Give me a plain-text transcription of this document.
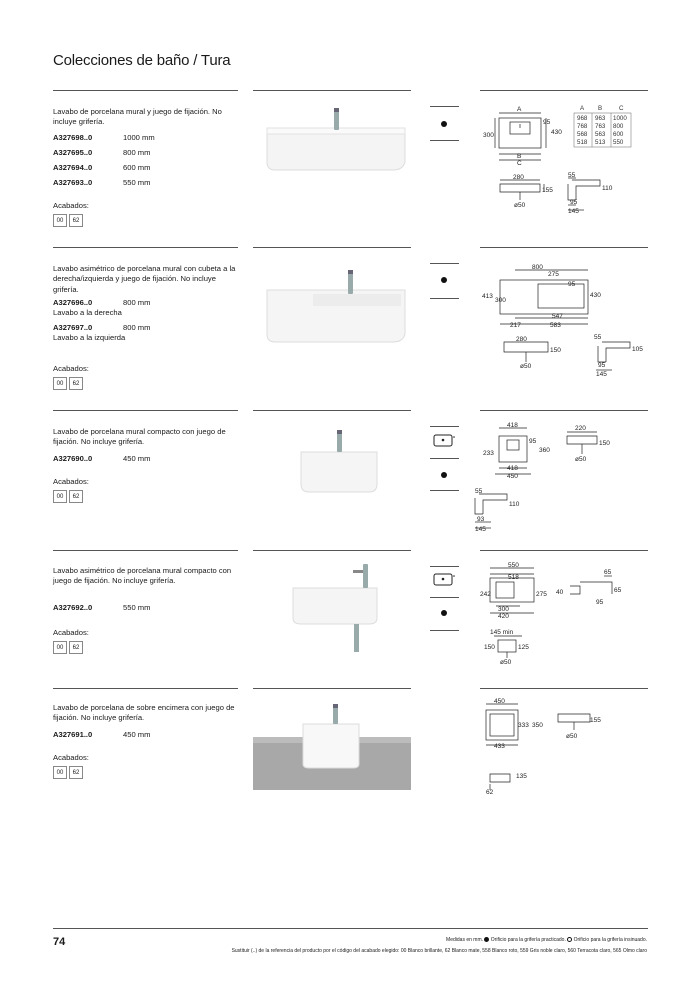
Colecciones de baño / Tura
Lavabo de porcelana mural y juego de fijación. No incluye grifería.
A327698..0	1000 mm
A327695..0	800 mm
A327694..0	600 mm
A327693..0	550 mm
Acabados:
00	62
A
95
430
300
B
C
280
155
ø50
55
110
95
145
A B	C
968 963 1000
768 763 800
568 563 600
518 513 550
Lavabo asimétrico de porcelana mural con cubeta a la derecha/izquierda y juego de fijación. No incluye grifería.
A327696..0	800 mm
Lavabo a la derecha
A327697..0	800 mm
Lavabo a la izquierda
Acabados:
00	62
800
275
95
413
300
430
547
217	583
280
150
ø50
55
105
95
145
Lavabo de porcelana mural compacto con juego de fijación. No incluye grifería.
A327690..0	450 mm
Acabados:
00	62
418
95
233	360
418
450
220
150
ø50
55
110
93
145
Lavabo asimétrico de porcelana mural compacto con juego de fijación. No incluye grifería.
A327692..0	550 mm
Acabados:
00	62
550
518
242	275
300
420
65
40	65
95
145 min
150	125
ø50
Lavabo de porcelana de sobre encimera con juego de fijación. No incluye grifería.
A327691..0	450 mm
Acabados:
00	62
450
333 350
433
155
ø50
135
62
74	Medidas en mm. Orificio para la grifería practicado. Orificio para la grifería insinuado.
Sustituir (..) de la referencia del producto por el código del acabado elegido: 00 Blanco brillante, 62 Blanco mate, 558 Blanco roto, 559 Gris noble claro, 560 Terracota claro, 565 Olmo claro
